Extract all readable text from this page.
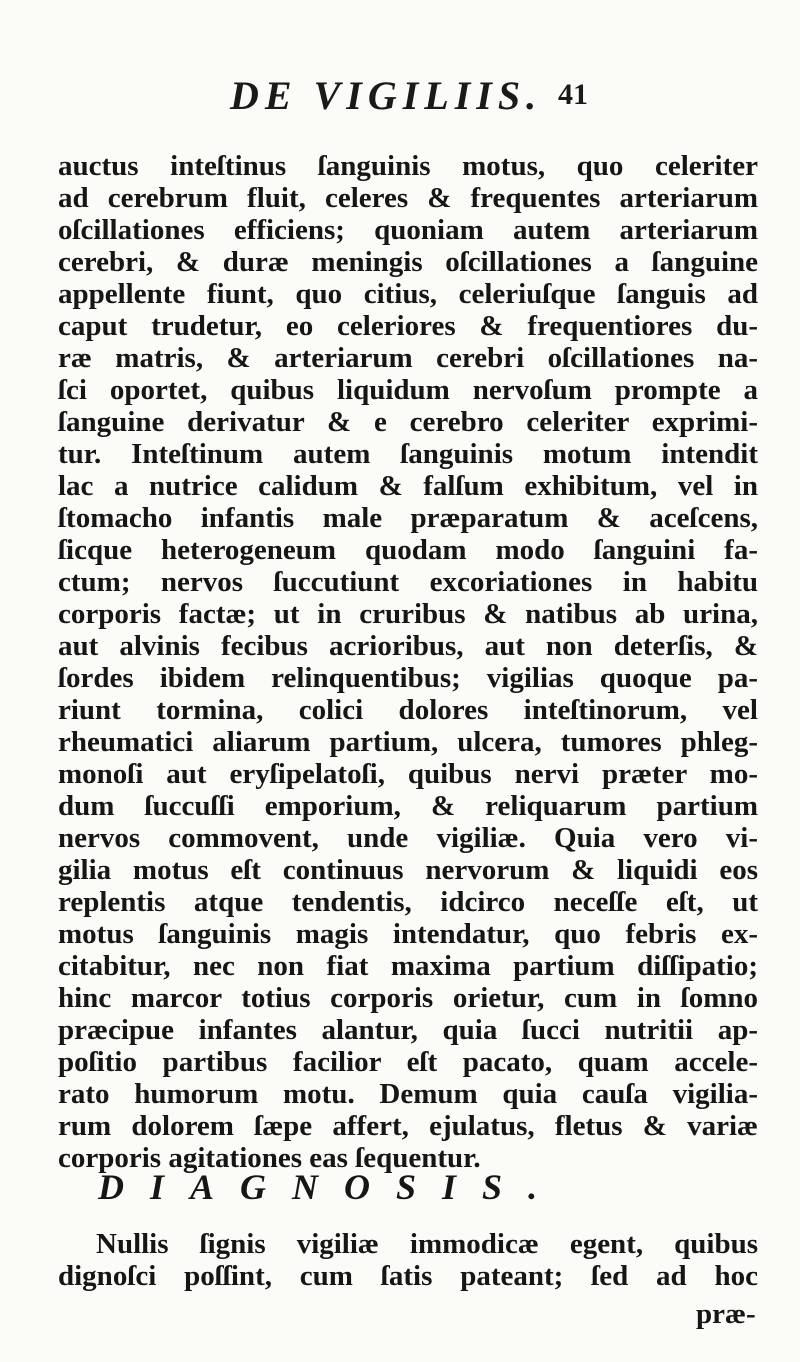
DE VIGILIIS. 41
auctus inteſtinus ſanguinis motus, quo celeriter
ad cerebrum fluit, celeres & frequentes arteriarum
oſcillationes efficiens; quoniam autem arteriarum
cerebri, & duræ meningis oſcillationes a ſanguine
appellente fiunt, quo citius, celeriuſque ſanguis ad
caput trudetur, eo celeriores & frequentiores du-
ræ matris, & arteriarum cerebri oſcillationes na-
ſci oportet, quibus liquidum nervoſum prompte a
ſanguine derivatur & e cerebro celeriter exprimi-
tur. Inteſtinum autem ſanguinis motum intendit
lac a nutrice calidum & falſum exhibitum, vel in
ſtomacho infantis male præparatum & aceſcens,
ſicque heterogeneum quodam modo ſanguini fa-
ctum; nervos ſuccutiunt excoriationes in habitu
corporis factæ; ut in cruribus & natibus ab urina,
aut alvinis fecibus acrioribus, aut non deterſis, &
ſordes ibidem relinquentibus; vigilias quoque pa-
riunt tormina, colici dolores inteſtinorum, vel
rheumatici aliarum partium, ulcera, tumores phleg-
monoſi aut eryſipelatoſi, quibus nervi præter mo-
dum ſuccuſſi emporium, & reliquarum partium
nervos commovent, unde vigiliæ. Quia vero vi-
gilia motus eſt continuus nervorum & liquidi eos
replentis atque tendentis, idcirco neceſſe eſt, ut
motus ſanguinis magis intendatur, quo febris ex-
citabitur, nec non fiat maxima partium diſſipatio;
hinc marcor totius corporis orietur, cum in ſomno
præcipue infantes alantur, quia ſucci nutritii ap-
poſitio partibus facilior eſt pacato, quam accele-
rato humorum motu. Demum quia cauſa vigilia-
rum dolorem ſæpe affert, ejulatus, fletus & variæ
corporis agitationes eas ſequentur.
DIAGNOSIS.
Nullis ſignis vigiliæ immodicæ egent, quibus
dignoſci poſſint, cum ſatis pateant; ſed ad hoc
præ-
